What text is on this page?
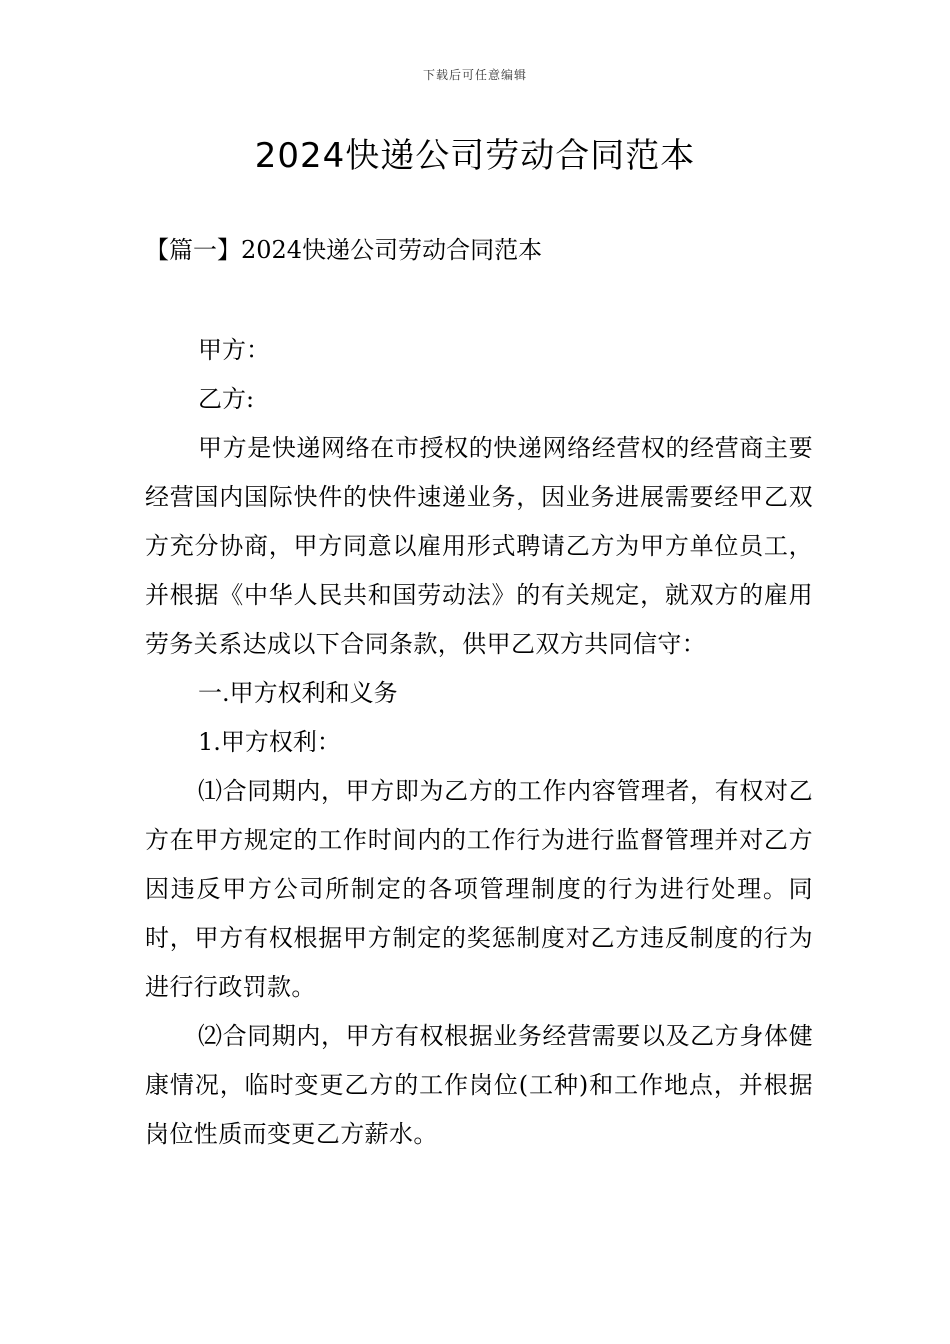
下载后可任意编辑
2024快递公司劳动合同范本
【篇一】2024快递公司劳动合同范本

甲方：

乙方:

甲方是快递网络在市授权的快递网络经营权的经营商主要经营国内国际快件的快件速递业务，因业务进展需要经甲乙双方充分协商，甲方同意以雇用形式聘请乙方为甲方单位员工，并根据《中华人民共和国劳动法》的有关规定，就双方的雇用劳务关系达成以下合同条款，供甲乙双方共同信守：

一.甲方权利和义务

1.甲方权利：

⑴合同期内，甲方即为乙方的工作内容管理者，有权对乙方在甲方规定的工作时间内的工作行为进行监督管理并对乙方因违反甲方公司所制定的各项管理制度的行为进行处理。同时，甲方有权根据甲方制定的奖惩制度对乙方违反制度的行为进行行政罚款。

⑵合同期内，甲方有权根据业务经营需要以及乙方身体健康情况，临时变更乙方的工作岗位(工种)和工作地点，并根据岗位性质而变更乙方薪水。
